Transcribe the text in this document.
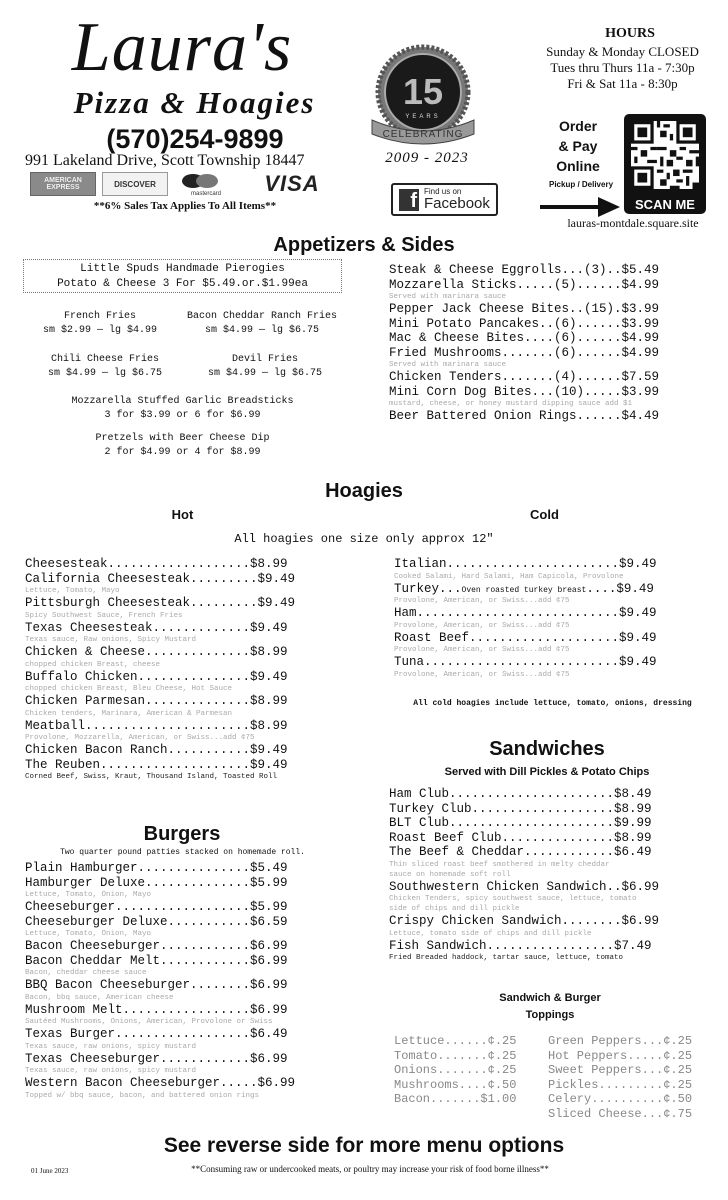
Laura's
Pizza & Hoagies
(570)254-9899
991 Lakeland Drive, Scott Township 18447
AMERICAN
EXPRESS	DISCOVER
mastercard	VISA
**6% Sales Tax Applies To All Items**
15
YEARS
CELEBRATING
2009 - 2023
f Find us on
Facebook
HOURS
Sunday & Monday CLOSED
Tues thru Thurs 11a - 7:30p
Fri & Sat 11a - 8:30p
Order
& Pay
Online
Pickup / Delivery
SCAN ME
lauras-montdale.square.site
Appetizers & Sides
Little Spuds Handmade Pierogies
Potato & Cheese 3 For $5.49.or.$1.99ea
French Fries
sm $2.99 — lg $4.99
Bacon Cheddar Ranch Fries
sm $4.99 — lg $6.75
Chili Cheese Fries
sm $4.99 — lg $6.75
Devil Fries
sm $4.99 — lg $6.75
Mozzarella Stuffed Garlic Breadsticks
3 for $3.99 or 6 for $6.99
Pretzels with Beer Cheese Dip
2 for $4.99 or 4 for $8.99
Steak & Cheese Eggrolls...(3)..$5.49
Mozzarella Sticks.....(5)......$4.99
Served with marinara sauce
Pepper Jack Cheese Bites..(15).$3.99
Mini Potato Pancakes..(6)......$3.99
Mac & Cheese Bites....(6)......$4.99
Fried Mushrooms.......(6)......$4.99
Served with marinara sauce
Chicken Tenders.......(4)......$7.59
Mini Corn Dog Bites...(10).....$3.99
mustard, cheese, or honey mustard dipping sauce add $1
Beer Battered Onion Rings......$4.49
Hoagies
Hot	Cold
All hoagies one size only approx 12″
Cheesesteak...................$8.99
California Cheesesteak.........$9.49
Lettuce, Tomato, Mayo
Pittsburgh Cheesesteak.........$9.49
Spicy Southwest Sauce, French Fries
Texas Cheesesteak.............$9.49
Texas sauce, Raw onions, Spicy Mustard
Chicken & Cheese..............$8.99
chopped chicken Breast, cheese
Buffalo Chicken...............$9.49
chopped chicken Breast, Bleu Cheese, Hot Sauce
Chicken Parmesan..............$8.99
Chicken tenders, Marinara, American & Parmesan
Meatball......................$8.99
Provolone, Mozzarella, American, or Swiss...add ¢75
Chicken Bacon Ranch...........$9.49
The Reuben....................$9.49
Corned Beef, Swiss, Kraut, Thousand Island, Toasted Roll
Italian.......................$9.49
Cooked Salami, Hard Salami, Ham Capicola, Provolone
Turkey...Oven roasted turkey breast....$9.49
Provolone, American, or Swiss...add ¢75
Ham...........................$9.49
Provolone, American, or Swiss...add ¢75
Roast Beef....................$9.49
Provolone, American, or Swiss...add ¢75
Tuna..........................$9.49
Provolone, American, or Swiss...add ¢75
All cold hoagies include lettuce, tomato, onions, dressing
Burgers
Two quarter pound patties stacked on homemade roll.
Plain Hamburger...............$5.49
Hamburger Deluxe..............$5.99
Lettuce, Tomato, Onion, Mayo
Cheeseburger..................$5.99
Cheeseburger Deluxe...........$6.59
Lettuce, Tomato, Onion, Mayo
Bacon Cheeseburger............$6.99
Bacon Cheddar Melt............$6.99
Bacon, cheddar cheese sauce
BBQ Bacon Cheeseburger........$6.99
Bacon, bbq sauce, American cheese
Mushroom Melt.................$6.99
Sautéed Mushrooms, Onions, American, Provolone or Swiss
Texas Burger..................$6.49
Texas sauce, raw onions, spicy mustard
Texas Cheeseburger............$6.99
Texas sauce, raw onions, spicy mustard
Western Bacon Cheeseburger.....$6.99
Topped w/ bbq sauce, bacon, and battered onion rings
Sandwiches
Served with Dill Pickles & Potato Chips
Ham Club......................$8.49
Turkey Club...................$8.99
BLT Club......................$9.99
Roast Beef Club...............$8.99
The Beef & Cheddar............$6.49
Thin sliced roast beef smothered in melty cheddar
sauce on homemade soft roll
Southwestern Chicken Sandwich..$6.99
Chicken Tenders, spicy southwest sauce, lettuce, tomato
side of chips and dill pickle
Crispy Chicken Sandwich........$6.99
Lettuce, tomato side of chips and dill pickle
Fish Sandwich.................$7.49
Fried Breaded haddock, tartar sauce, lettuce, tomato
Sandwich & Burger
Toppings
Lettuce......¢.25
Tomato.......¢.25
Onions.......¢.25
Mushrooms....¢.50
Bacon.......$1.00
Green Peppers...¢.25
Hot Peppers.....¢.25
Sweet Peppers...¢.25
Pickles.........¢.25
Celery..........¢.50
Sliced Cheese...¢.75
See reverse side for more menu options
01 June 2023	**Consuming raw or undercooked meats, or poultry may increase your risk of food borne illness**
